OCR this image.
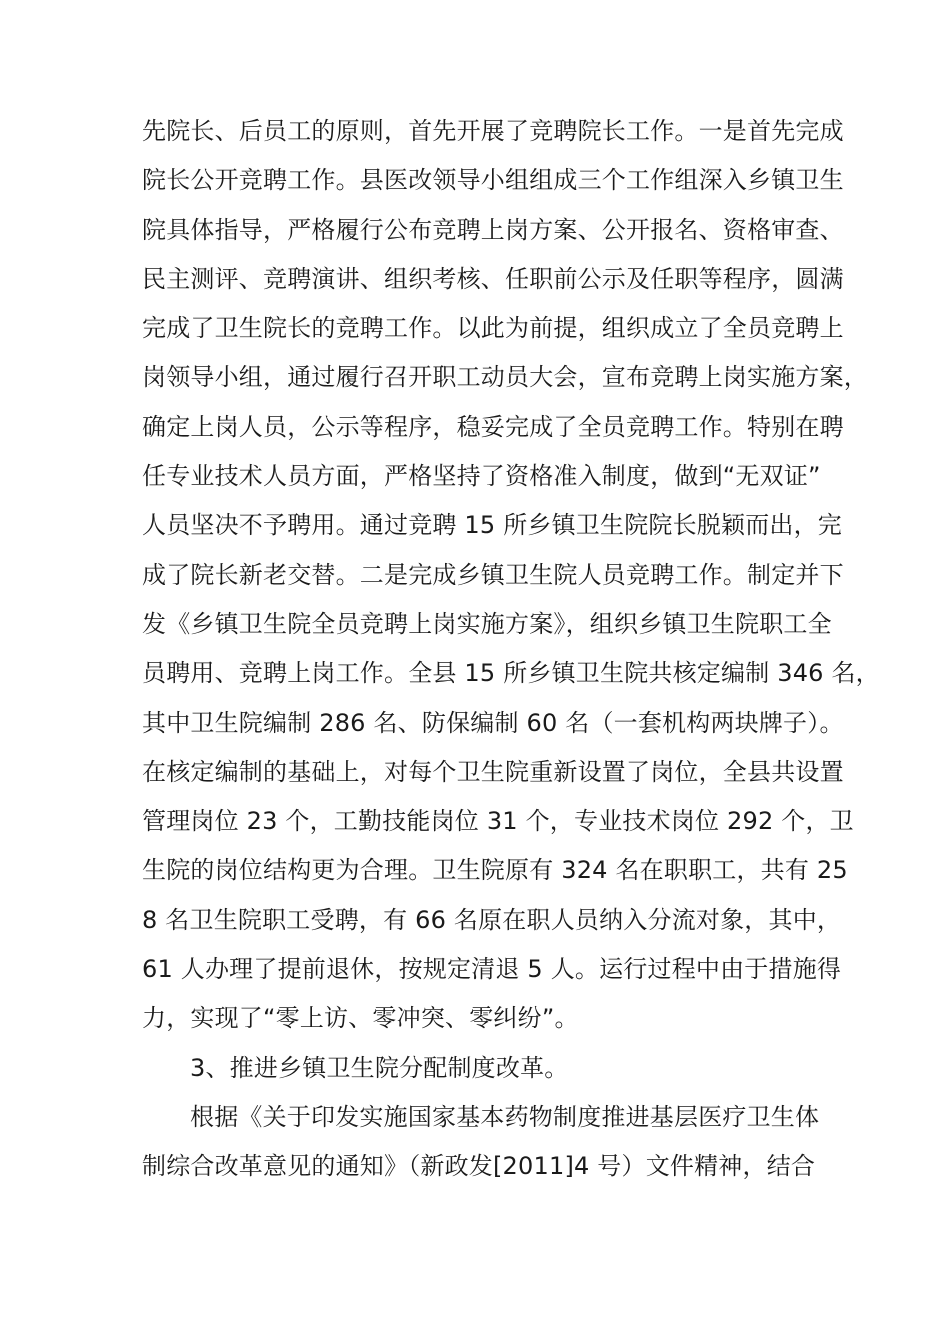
先院长、后员工的原则，首先开展了竞聘院长工作。一是首先完成
院长公开竞聘工作。县医改领导小组组成三个工作组深入乡镇卫生
院具体指导，严格履行公布竞聘上岗方案、公开报名、资格审查、
民主测评、竞聘演讲、组织考核、任职前公示及任职等程序，圆满
完成了卫生院长的竞聘工作。以此为前提，组织成立了全员竞聘上
岗领导小组，通过履行召开职工动员大会，宣布竞聘上岗实施方案，
确定上岗人员，公示等程序，稳妥完成了全员竞聘工作。特别在聘
任专业技术人员方面，严格坚持了资格准入制度，做到“无双证”
人员坚决不予聘用。通过竞聘 15 所乡镇卫生院院长脱颖而出，完
成了院长新老交替。二是完成乡镇卫生院人员竞聘工作。制定并下
发《乡镇卫生院全员竞聘上岗实施方案》，组织乡镇卫生院职工全
员聘用、竞聘上岗工作。全县 15 所乡镇卫生院共核定编制 346 名，
其中卫生院编制 286 名、防保编制 60 名（一套机构两块牌子）。
在核定编制的基础上，对每个卫生院重新设置了岗位，全县共设置
管理岗位 23 个，工勤技能岗位 31 个，专业技术岗位 292 个，卫
生院的岗位结构更为合理。卫生院原有 324 名在职职工，共有 25
8 名卫生院职工受聘，有 66 名原在职人员纳入分流对象，其中，
61 人办理了提前退休，按规定清退 5 人。运行过程中由于措施得
力，实现了“零上访、零冲突、零纠纷”。
3、推进乡镇卫生院分配制度改革。
根据《关于印发实施国家基本药物制度推进基层医疗卫生体
制综合改革意见的通知》（新政发[2011]4 号）文件精神，结合
